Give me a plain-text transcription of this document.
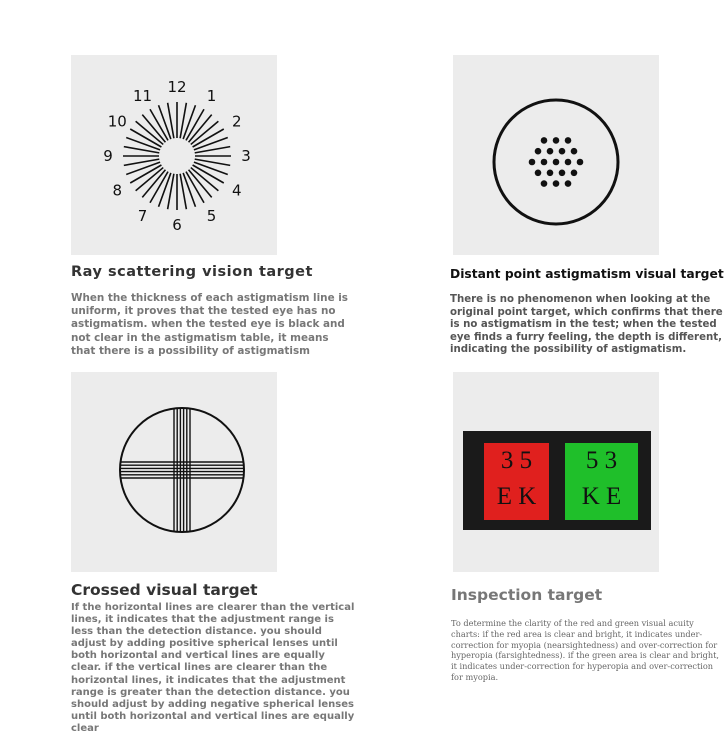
12
1
2
3
4
5
6
7
8
9
10
11
Ray scattering vision target

When the thickness of each astigmatism line is uniform, it proves that the tested eye has no astigmatism. when the tested eye is black and not clear in the astigmatism table, it means that there is a possibility of astigmatism

Distant point astigmatism visual target

There is no phenomenon when looking at the original point target, which confirms that there is no astigmatism in the test; when the tested eye finds a furry feeling, the depth is different, indicating the possibility of astigmatism.

Crossed visual target

If the horizontal lines are clearer than the vertical lines, it indicates that the adjustment range is less than the detection distance. you should adjust by adding positive spherical lenses until both horizontal and vertical lines are equally clear. if the vertical lines are clearer than the horizontal lines, it indicates that the adjustment range is greater than the detection distance. you should adjust by adding negative spherical lenses until both horizontal and vertical lines are equally clear

3 5
E K
5 3
K E
Inspection target

To determine the clarity of the red and green visual acuity charts: if the red area is clear and bright, it indicates under-correction for myopia (nearsightedness) and over-correction for hyperopia (farsightedness). if the green area is clear and bright, it indicates under-correction for hyperopia and over-correction for myopia.
